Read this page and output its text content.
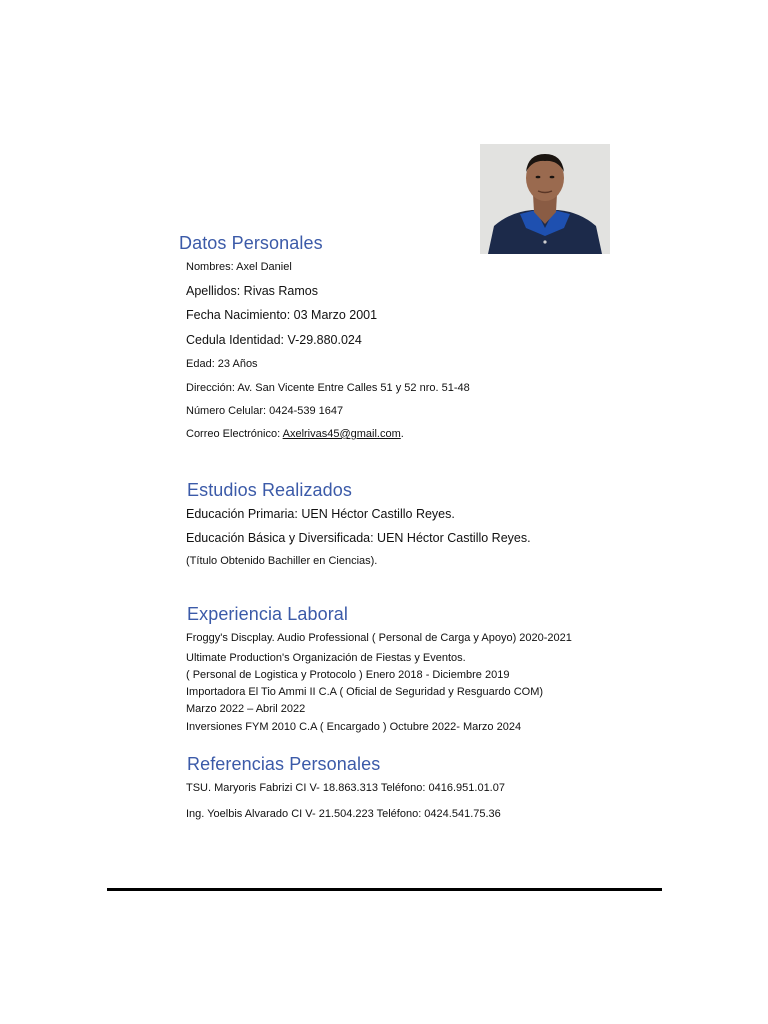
Datos Personales
Nombres: Axel Daniel
Apellidos: Rivas Ramos
Fecha Nacimiento: 03 Marzo 2001
Cedula Identidad: V-29.880.024
Edad: 23 Años
Dirección: Av. San Vicente Entre Calles 51 y 52 nro. 51-48
Número Celular: 0424-539 1647
Correo Electrónico: Axelrivas45@gmail.com.
Estudios Realizados
Educación Primaria: UEN Héctor Castillo Reyes.
Educación Básica y Diversificada: UEN Héctor Castillo Reyes.
(Título Obtenido Bachiller en Ciencias).
Experiencia Laboral
Froggy's Discplay. Audio Professional ( Personal de Carga y Apoyo) 2020-2021
Ultimate Production's Organización de Fiestas y Eventos.
( Personal de Logistica y Protocolo ) Enero 2018 - Diciembre 2019
Importadora El Tio Ammi II C.A ( Oficial de Seguridad y Resguardo COM)
Marzo 2022 – Abril 2022
Inversiones FYM 2010 C.A ( Encargado ) Octubre 2022- Marzo 2024
Referencias Personales
TSU. Maryoris Fabrizi CI V- 18.863.313 Teléfono: 0416.951.01.07
Ing. Yoelbis Alvarado CI V- 21.504.223 Teléfono: 0424.541.75.36
